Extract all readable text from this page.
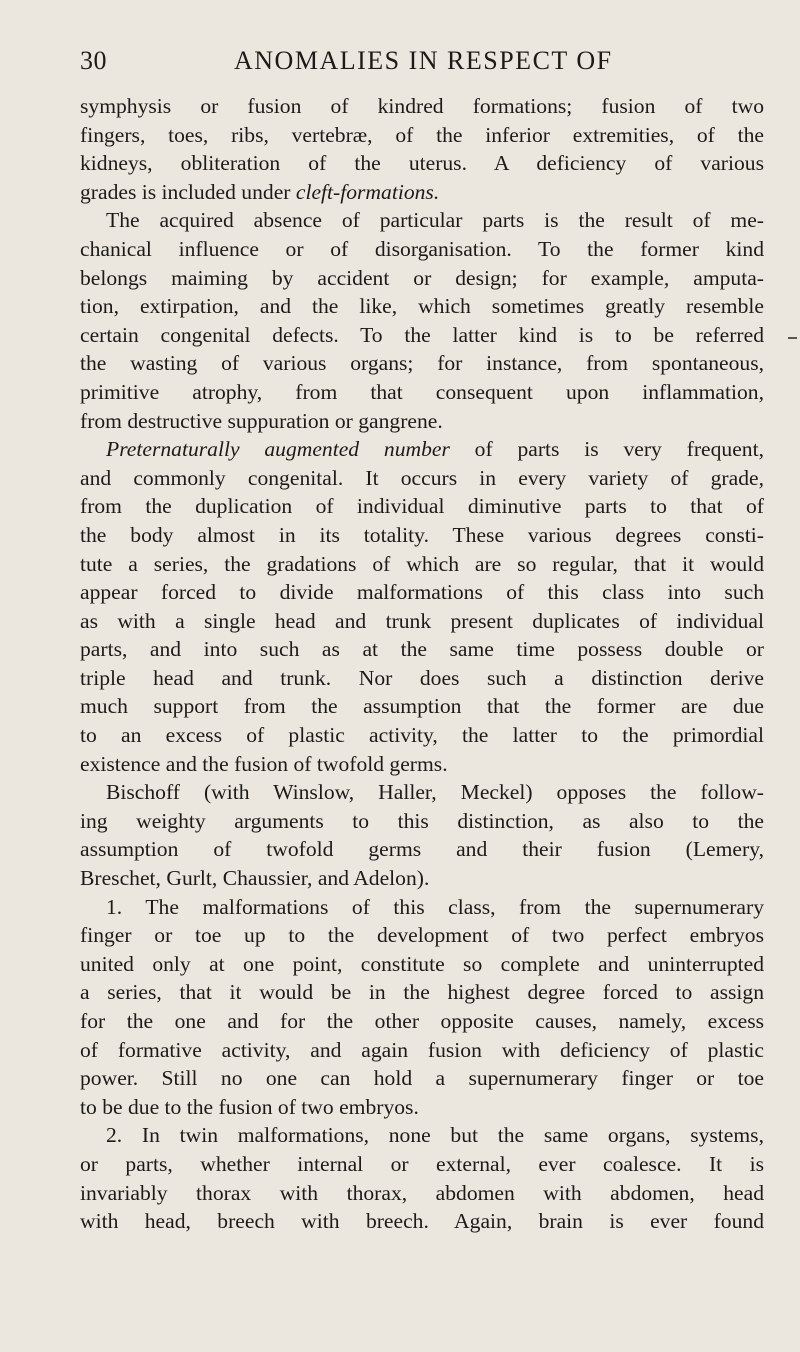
30	ANOMALIES IN RESPECT OF
symphysis or fusion of kindred formations; fusion of two
fingers, toes, ribs, vertebræ, of the inferior extremities, of the
kidneys, obliteration of the uterus. A deficiency of various
grades is included under cleft-formations.
The acquired absence of particular parts is the result of me-
chanical influence or of disorganisation. To the former kind
belongs maiming by accident or design; for example, amputa-
tion, extirpation, and the like, which sometimes greatly resemble
certain congenital defects. To the latter kind is to be referred
the wasting of various organs; for instance, from spontaneous,
primitive atrophy, from that consequent upon inflammation,
from destructive suppuration or gangrene.
Preternaturally augmented number of parts is very frequent,
and commonly congenital. It occurs in every variety of grade,
from the duplication of individual diminutive parts to that of
the body almost in its totality. These various degrees consti-
tute a series, the gradations of which are so regular, that it would
appear forced to divide malformations of this class into such
as with a single head and trunk present duplicates of individual
parts, and into such as at the same time possess double or
triple head and trunk. Nor does such a distinction derive
much support from the assumption that the former are due
to an excess of plastic activity, the latter to the primordial
existence and the fusion of twofold germs.
Bischoff (with Winslow, Haller, Meckel) opposes the follow-
ing weighty arguments to this distinction, as also to the
assumption of twofold germs and their fusion (Lemery,
Breschet, Gurlt, Chaussier, and Adelon).
1. The malformations of this class, from the supernumerary
finger or toe up to the development of two perfect embryos
united only at one point, constitute so complete and uninterrupted
a series, that it would be in the highest degree forced to assign
for the one and for the other opposite causes, namely, excess
of formative activity, and again fusion with deficiency of plastic
power. Still no one can hold a supernumerary finger or toe
to be due to the fusion of two embryos.
2. In twin malformations, none but the same organs, systems,
or parts, whether internal or external, ever coalesce. It is
invariably thorax with thorax, abdomen with abdomen, head
with head, breech with breech. Again, brain is ever found
